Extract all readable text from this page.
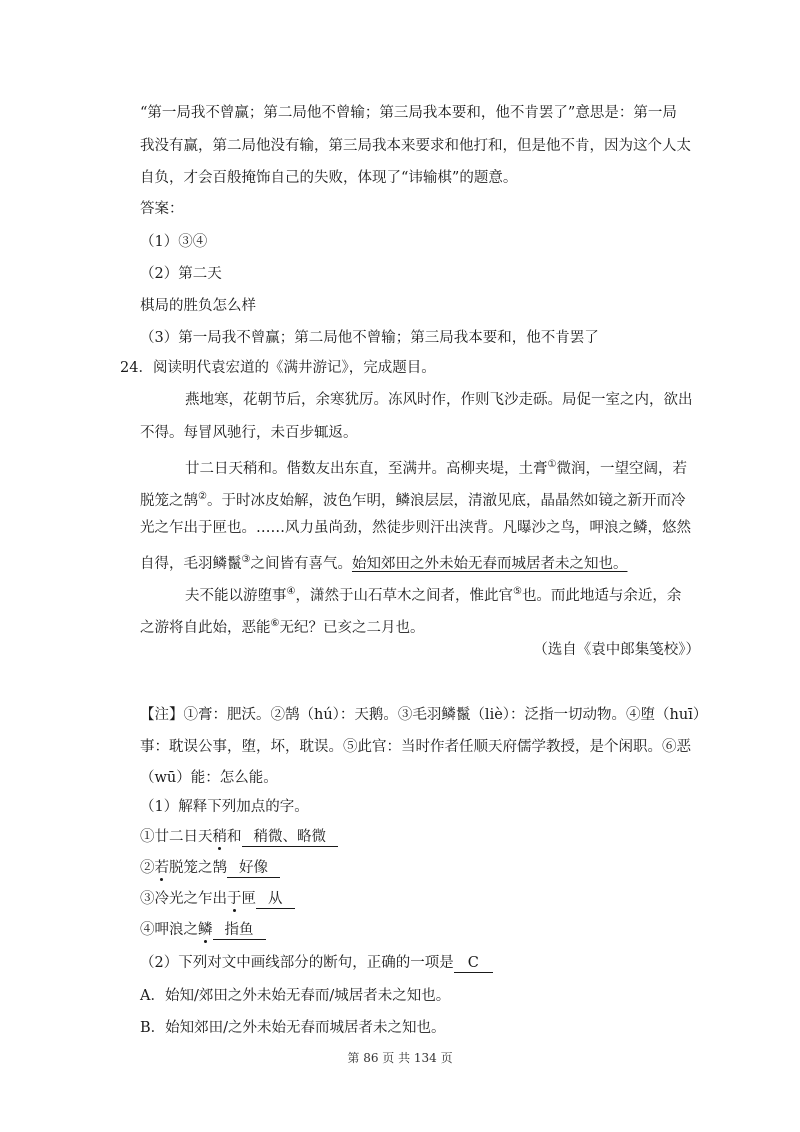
“第一局我不曾赢；第二局他不曾输；第三局我本要和，他不肯罢了”意思是：第一局
我没有赢，第二局他没有输，第三局我本来要求和他打和，但是他不肯，因为这个人太
自负，才会百般掩饰自己的失败，体现了“讳输棋”的题意。
答案：
（1）③④
（2）第二天
棋局的胜负怎么样
（3）第一局我不曾赢；第二局他不曾输；第三局我本要和，他不肯罢了
24．阅读明代袁宏道的《满井游记》，完成题目。
燕地寒，花朝节后，余寒犹厉。冻风时作，作则飞沙走砾。局促一室之内，欲出
不得。每冒风驰行，未百步辄返。
廿二日天稍和。偕数友出东直，至满井。高柳夹堤，土膏①微润，一望空阔，若
脱笼之鹄②。于时冰皮始解，波色乍明，鳞浪层层，清澈见底，晶晶然如镜之新开而冷
光之乍出于匣也。……风力虽尚劲，然徒步则汗出浃背。凡曝沙之鸟，呷浪之鳞，悠然
自得，毛羽鳞鬣③之间皆有喜气。始知郊田之外未始无春而城居者未之知也。
夫不能以游堕事④，潇然于山石草木之间者，惟此官⑤也。而此地适与余近，余
之游将自此始，恶能⑥无纪？已亥之二月也。
（选自《袁中郎集笺校》）
【注】①膏：肥沃。②鹄（hú）：天鹅。③毛羽鳞鬣（liè）：泛指一切动物。④堕（huī）
事：耽误公事，堕，坏，耽误。⑤此官：当时作者任顺天府儒学教授，是个闲职。⑥恶
（wū）能：怎么能。
（1）解释下列加点的字。
①廿二日天稍和 稍微、略微
②若脱笼之鹄 好像
③冷光之乍出于匣 从
④呷浪之鳞 指鱼
（2）下列对文中画线部分的断句，正确的一项是 C
A．始知/郊田之外未始无春而/城居者未之知也。
B．始知郊田/之外未始无春而城居者未之知也。
第 86 页 共 134 页
